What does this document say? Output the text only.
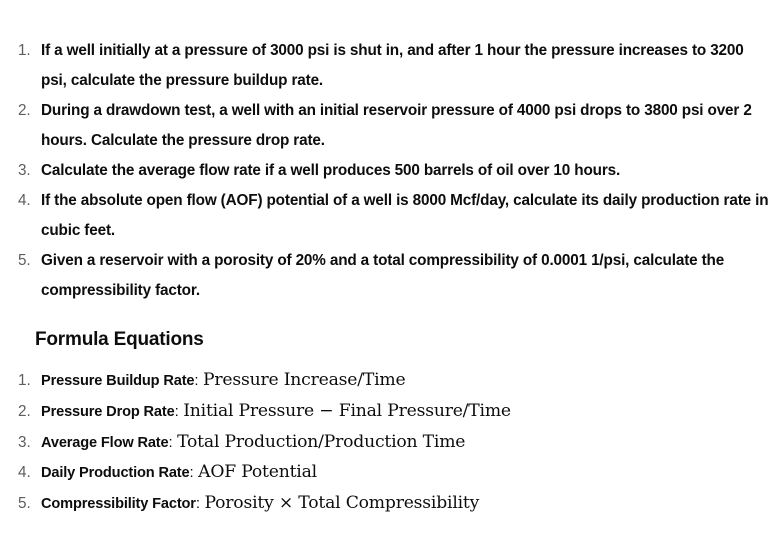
1. If a well initially at a pressure of 3000 psi is shut in, and after 1 hour the pressure increases to 3200 psi, calculate the pressure buildup rate.
2. During a drawdown test, a well with an initial reservoir pressure of 4000 psi drops to 3800 psi over 2 hours. Calculate the pressure drop rate.
3. Calculate the average flow rate if a well produces 500 barrels of oil over 10 hours.
4. If the absolute open flow (AOF) potential of a well is 8000 Mcf/day, calculate its daily production rate in cubic feet.
5. Given a reservoir with a porosity of 20% and a total compressibility of 0.0001 1/psi, calculate the compressibility factor.
Formula Equations
1. Pressure Buildup Rate: Pressure Increase/Time
2. Pressure Drop Rate: Initial Pressure − Final Pressure/Time
3. Average Flow Rate: Total Production/Production Time
4. Daily Production Rate: AOF Potential
5. Compressibility Factor: Porosity × Total Compressibility
